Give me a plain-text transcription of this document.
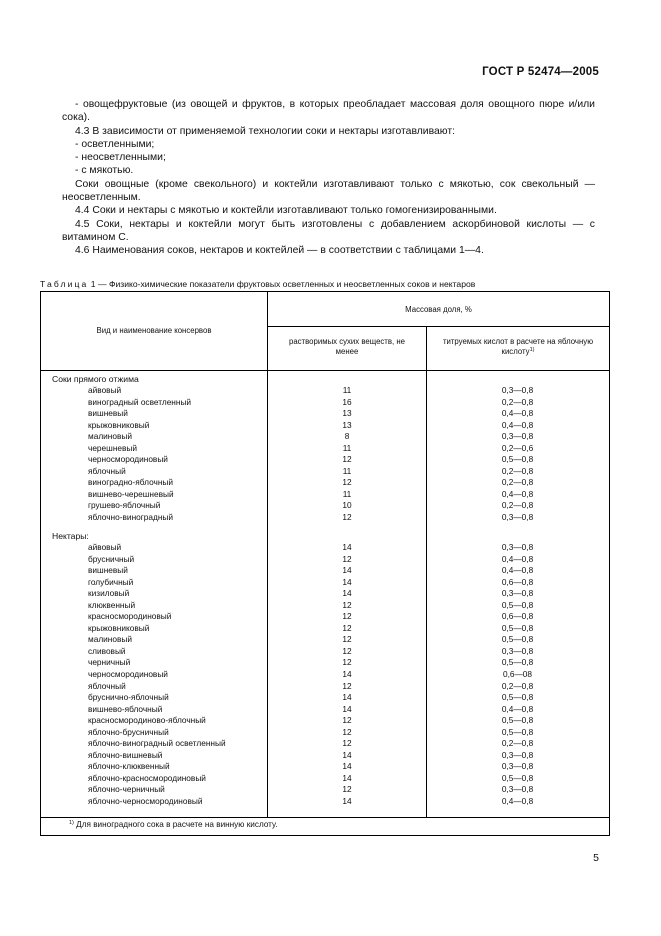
ГОСТ Р 52474—2005

- овощефруктовые (из овощей и фруктов, в которых преобладает массовая доля овощного пюре и/или сока).

4.3 В зависимости от применяемой технологии соки и нектары изготавливают:

- осветленными;

- неосветленными;

- с мякотью.

Соки овощные (кроме свекольного) и коктейли изготавливают только с мякотью, сок свекольный — неосветленным.

4.4 Соки и нектары с мякотью и коктейли изготавливают только гомогенизированными.

4.5 Соки, нектары и коктейли могут быть изготовлены с добавлением аскорбиновой кислоты — с витамином С.

4.6 Наименования соков, нектаров и коктейлей — в соответствии с таблицами 1—4.

Таблица 1 — Физико-химические показатели фруктовых осветленных и неосветленных соков и нектаров
Вид и наименование консервов
Массовая доля, %
растворимых сухих веществ, не менее
титруемых кислот в расчете на яблочную кислоту$^{1)}$
Соки прямого отжима
айвовый	11	0,3—0,8
виноградный осветленный	16	0,2—0,8
вишневый	13	0,4—0,8
крыжовниковый	13	0,4—0,8
малиновый	8	0,3—0,8
черешневый	11	0,2—0,6
черносмородиновый	12	0,5—0,8
яблочный	11	0,2—0,8
виноградно-яблочный	12	0,2—0,8
вишнево-черешневый	11	0,4—0,8
грушево-яблочный	10	0,2—0,8
яблочно-виноградный	12	0,3—0,8
Нектары:
айвовый	14	0,3—0,8
брусничный	12	0,4—0,8
вишневый	14	0,4—0,8
голубичный	14	0,6—0,8
кизиловый	14	0,3—0,8
клюквенный	12	0,5—0,8
красносмородиновый	12	0,6—0,8
крыжовниковый	12	0,5—0,8
малиновый	12	0,5—0,8
сливовый	12	0,3—0,8
черничный	12	0,5—0,8
черносмородиновый	14	0,6—08
яблочный	12	0,2—0,8
бруснично-яблочный	14	0,5—0,8
вишнево-яблочный	14	0,4—0,8
красносмородиново-яблочный	12	0,5—0,8
яблочно-брусничный	12	0,5—0,8
яблочно-виноградный осветленный	12	0,2—0,8
яблочно-вишневый	14	0,3—0,8
яблочно-клюквенный	14	0,3—0,8
яблочно-красносмородиновый	14	0,5—0,8
яблочно-черничный	12	0,3—0,8
яблочно-черносмородиновый	14	0,4—0,8
$^{1)}$ Для виноградного сока в расчете на винную кислоту.
5
